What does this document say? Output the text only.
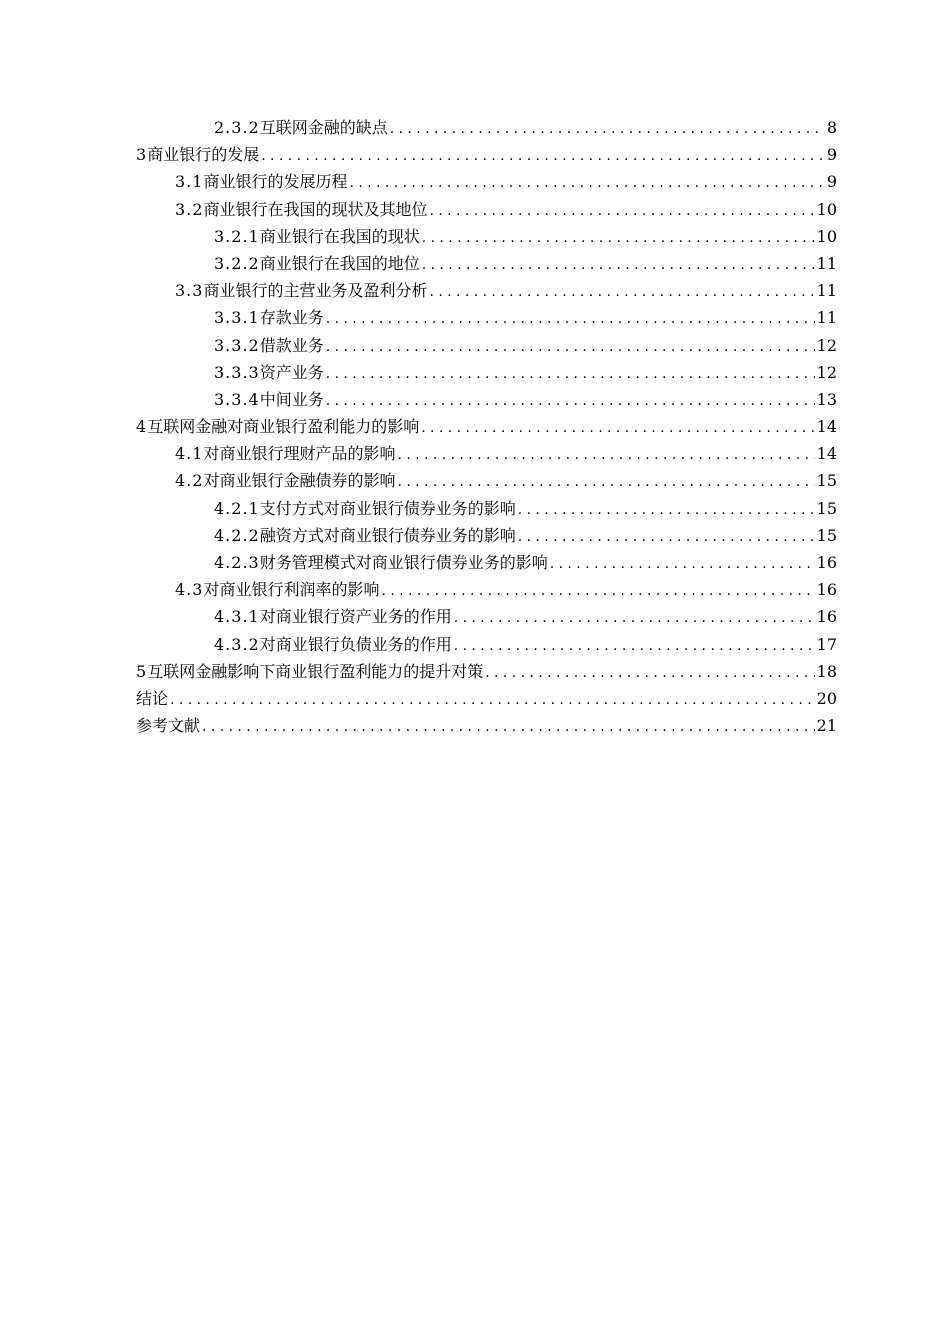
2.3.2 互联网金融的缺点 .....	8
3 商业银行的发展 .....	9
3.1 商业银行的发展历程 .....	9
3.2 商业银行在我国的现状及其地位 .....	10
3.2.1 商业银行在我国的现状 .....	10
3.2.2 商业银行在我国的地位 .....	11
3.3 商业银行的主营业务及盈利分析 .....	11
3.3.1 存款业务 .....	11
3.3.2 借款业务 .....	12
3.3.3 资产业务 .....	12
3.3.4 中间业务 .....	13
4 互联网金融对商业银行盈利能力的影响 .....	14
4.1 对商业银行理财产品的影响 .....	14
4.2 对商业银行金融债券的影响 .....	15
4.2.1 支付方式对商业银行债券业务的影响 .....	15
4.2.2 融资方式对商业银行债券业务的影响 .....	15
4.2.3 财务管理模式对商业银行债券业务的影响 .....	16
4.3 对商业银行利润率的影响 .....	16
4.3.1 对商业银行资产业务的作用 .....	16
4.3.2 对商业银行负债业务的作用 .....	17
5 互联网金融影响下商业银行盈利能力的提升对策 .....	18
结论 .....	20
参考文献 .....	21
